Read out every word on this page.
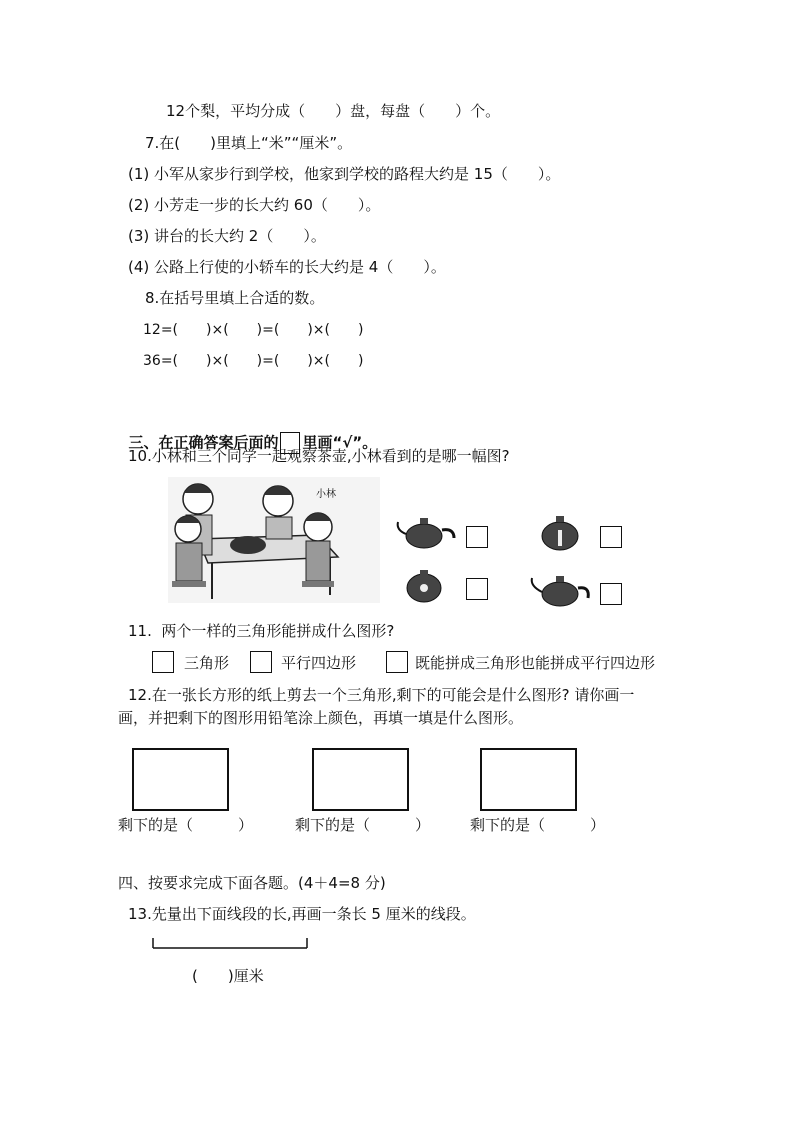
12个梨，平均分成（　　）盘，每盘（　　）个。
7.在(　　)里填上“米”“厘米”。
(1) 小军从家步行到学校，他家到学校的路程大约是 15（　　）。
(2) 小芳走一步的长大约 60（　　）。
(3) 讲台的长大约 2（　　）。
(4) 公路上行使的小轿车的长大约是 4（　　）。
8.在括号里填上合适的数。
12=(　　)×(　　)=(　　)×(　　)
36=(　　)×(　　)=(　　)×(　　)

三、在正确答案后面的 里画“√”。

10.小林和三个同学一起观察茶壶,小林看到的是哪一幅图?
小林
11.  两个一样的三角形能拼成什么图形?
三角形	平行四边形	既能拼成三角形也能拼成平行四边形
12.在一张长方形的纸上剪去一个三角形,剩下的可能会是什么图形? 请你画一
画，并把剩下的图形用铅笔涂上颜色，再填一填是什么图形。
剩下的是（　　　）	剩下的是（　　　）	剩下的是（　　　）
四、按要求完成下面各题。(4＋4=8 分)
13.先量出下面线段的长,再画一条长 5 厘米的线段。
(　　)厘米
